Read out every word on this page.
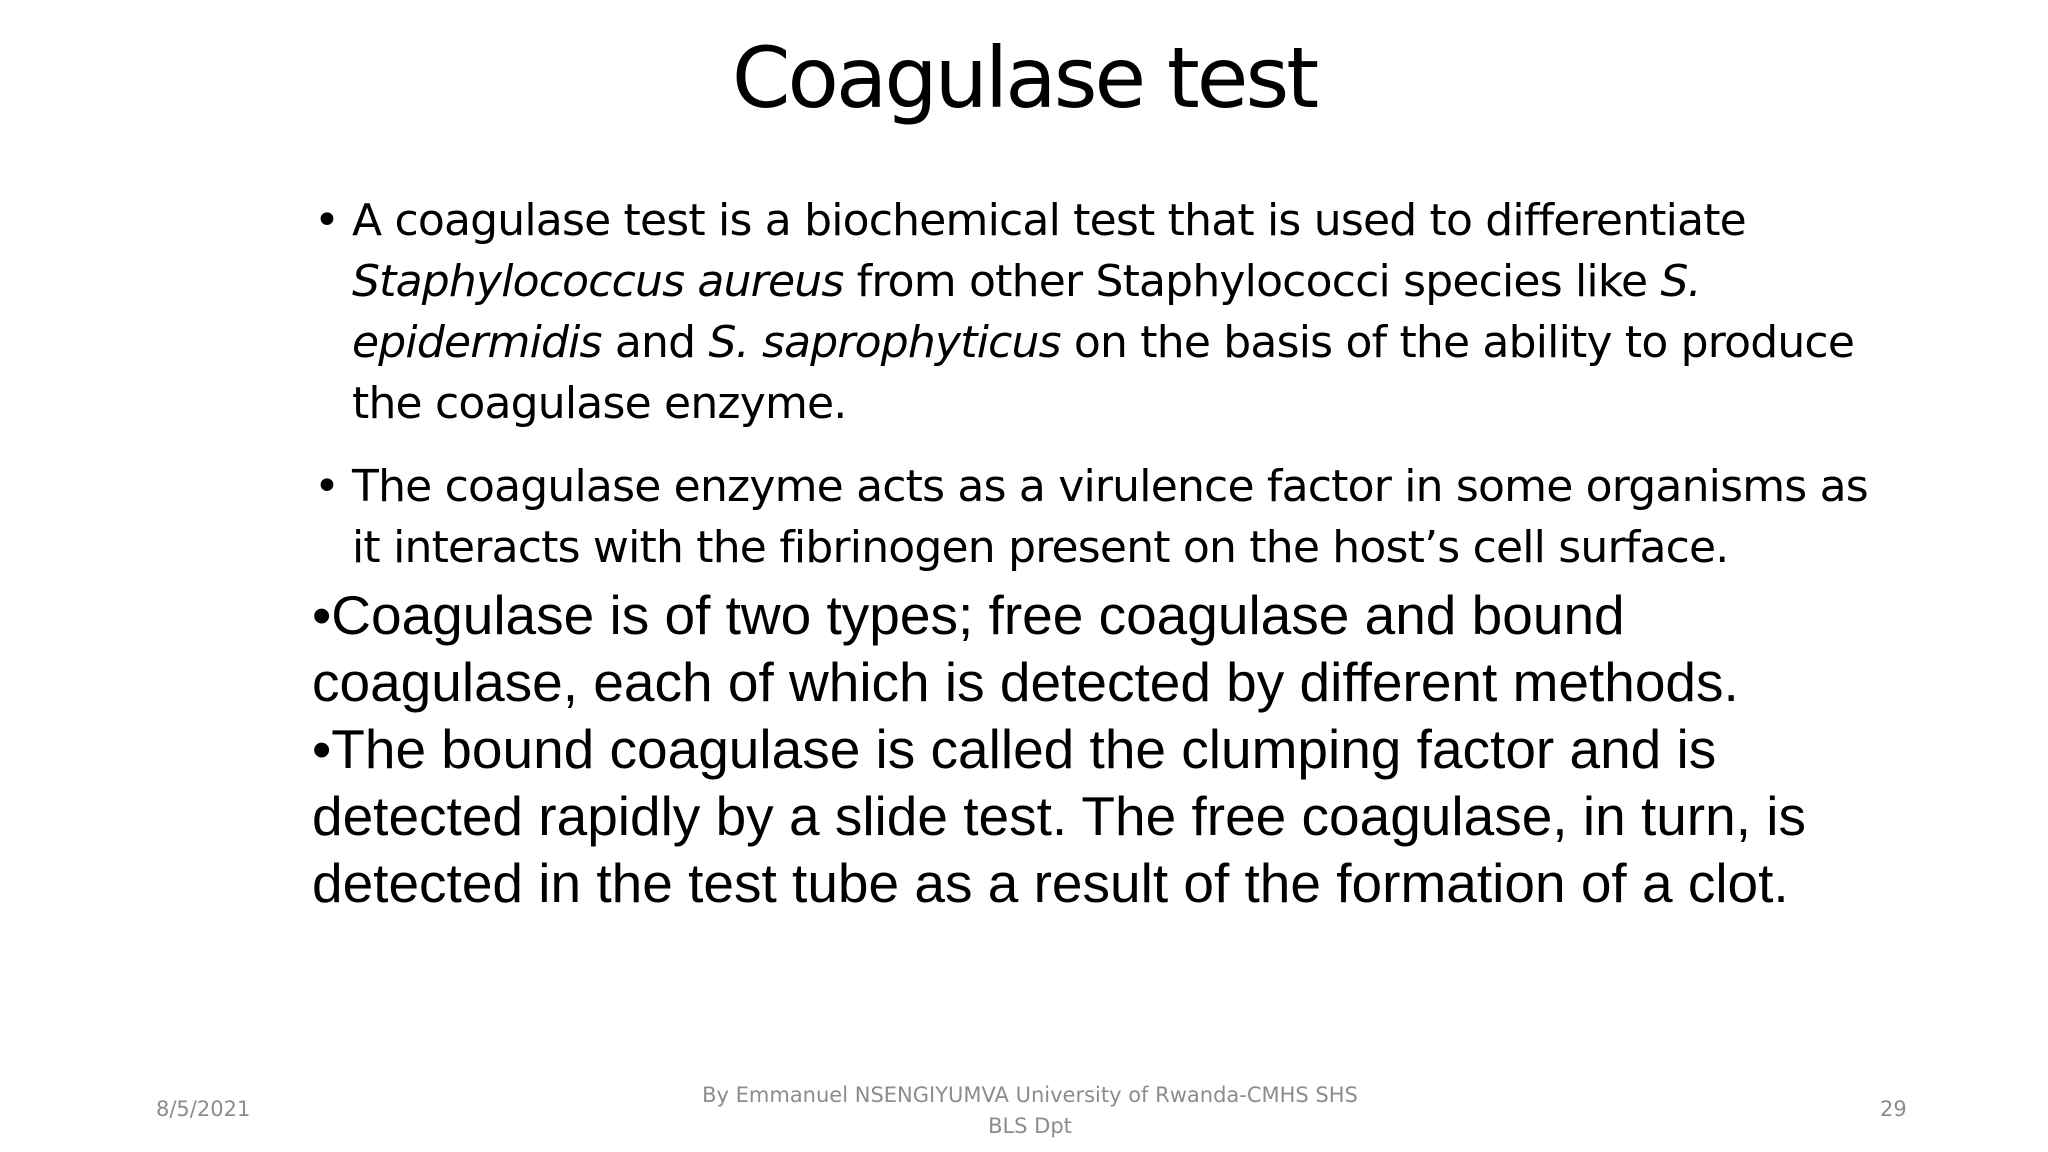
Coagulase test
• A coagulase test is a biochemical test that is used to differentiate Staphylococcus aureus from other Staphylococci species like S. epidermidis and S. saprophyticus on the basis of the ability to produce the coagulase enzyme.
• The coagulase enzyme acts as a virulence factor in some organisms as it interacts with the fibrinogen present on the host’s cell surface.

•Coagulase is of two types; free coagulase and bound coagulase, each of which is detected by different methods.

•The bound coagulase is called the clumping factor and is detected rapidly by a slide test. The free coagulase, in turn, is detected in the test tube as a result of the formation of a clot.

8/5/2021
By Emmanuel NSENGIYUMVA University of Rwanda-CMHS SHS
BLS Dpt
29
